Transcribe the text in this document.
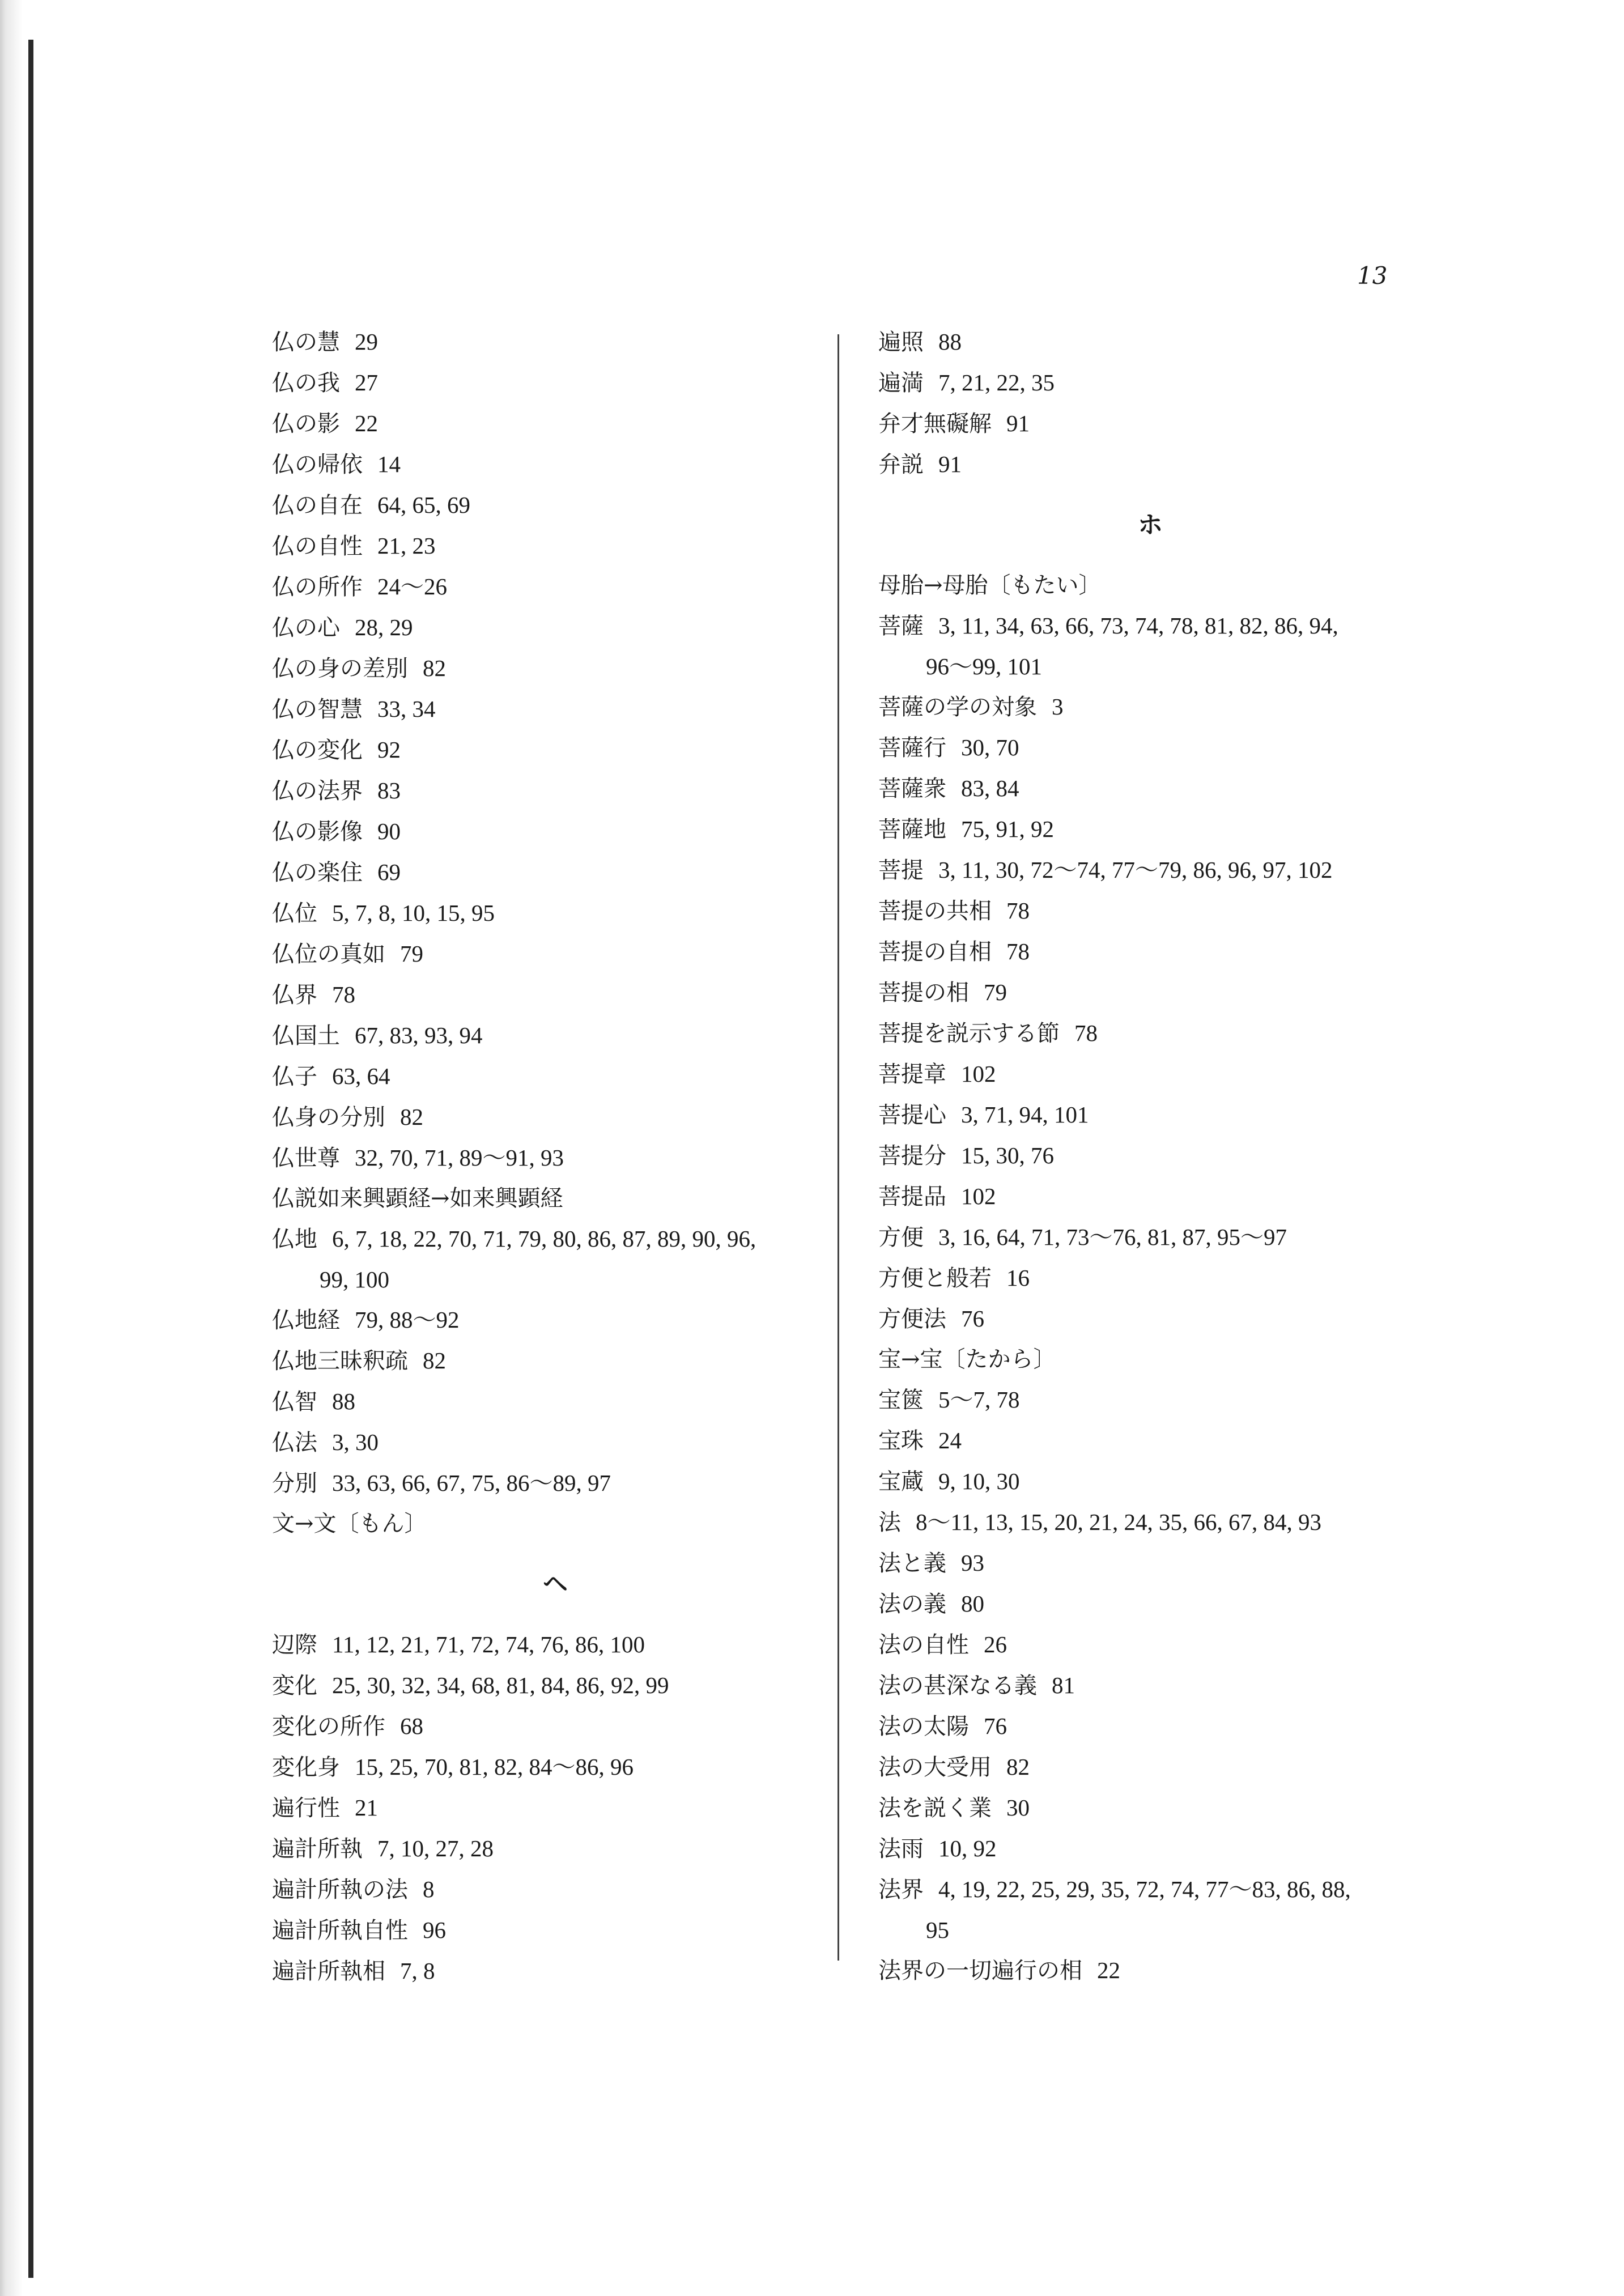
13
仏の慧 29
仏の我 27
仏の影 22
仏の帰依 14
仏の自在 64, 65, 69
仏の自性 21, 23
仏の所作 24〜26
仏の心 28, 29
仏の身の差別 82
仏の智慧 33, 34
仏の変化 92
仏の法界 83
仏の影像 90
仏の楽住 69
仏位 5, 7, 8, 10, 15, 95
仏位の真如 79
仏界 78
仏国土 67, 83, 93, 94
仏子 63, 64
仏身の分別 82
仏世尊 32, 70, 71, 89〜91, 93
仏説如来興顕経→如来興顕経
仏地 6, 7, 18, 22, 70, 71, 79, 80, 86, 87, 89, 90, 96,
99, 100
仏地経 79, 88〜92
仏地三昧釈疏 82
仏智 88
仏法 3, 30
分別 33, 63, 66, 67, 75, 86〜89, 97
文→文〔もん〕
ヘ
辺際 11, 12, 21, 71, 72, 74, 76, 86, 100
変化 25, 30, 32, 34, 68, 81, 84, 86, 92, 99
変化の所作 68
変化身 15, 25, 70, 81, 82, 84〜86, 96
遍行性 21
遍計所執 7, 10, 27, 28
遍計所執の法 8
遍計所執自性 96
遍計所執相 7, 8
遍照 88
遍満 7, 21, 22, 35
弁才無礙解 91
弁説 91
ホ
母胎→母胎〔もたい〕
菩薩 3, 11, 34, 63, 66, 73, 74, 78, 81, 82, 86, 94,
96〜99, 101
菩薩の学の対象 3
菩薩行 30, 70
菩薩衆 83, 84
菩薩地 75, 91, 92
菩提 3, 11, 30, 72〜74, 77〜79, 86, 96, 97, 102
菩提の共相 78
菩提の自相 78
菩提の相 79
菩提を説示する節 78
菩提章 102
菩提心 3, 71, 94, 101
菩提分 15, 30, 76
菩提品 102
方便 3, 16, 64, 71, 73〜76, 81, 87, 95〜97
方便と般若 16
方便法 76
宝→宝〔たから〕
宝篋 5〜7, 78
宝珠 24
宝蔵 9, 10, 30
法 8〜11, 13, 15, 20, 21, 24, 35, 66, 67, 84, 93
法と義 93
法の義 80
法の自性 26
法の甚深なる義 81
法の太陽 76
法の大受用 82
法を説く業 30
法雨 10, 92
法界 4, 19, 22, 25, 29, 35, 72, 74, 77〜83, 86, 88,
95
法界の一切遍行の相 22
